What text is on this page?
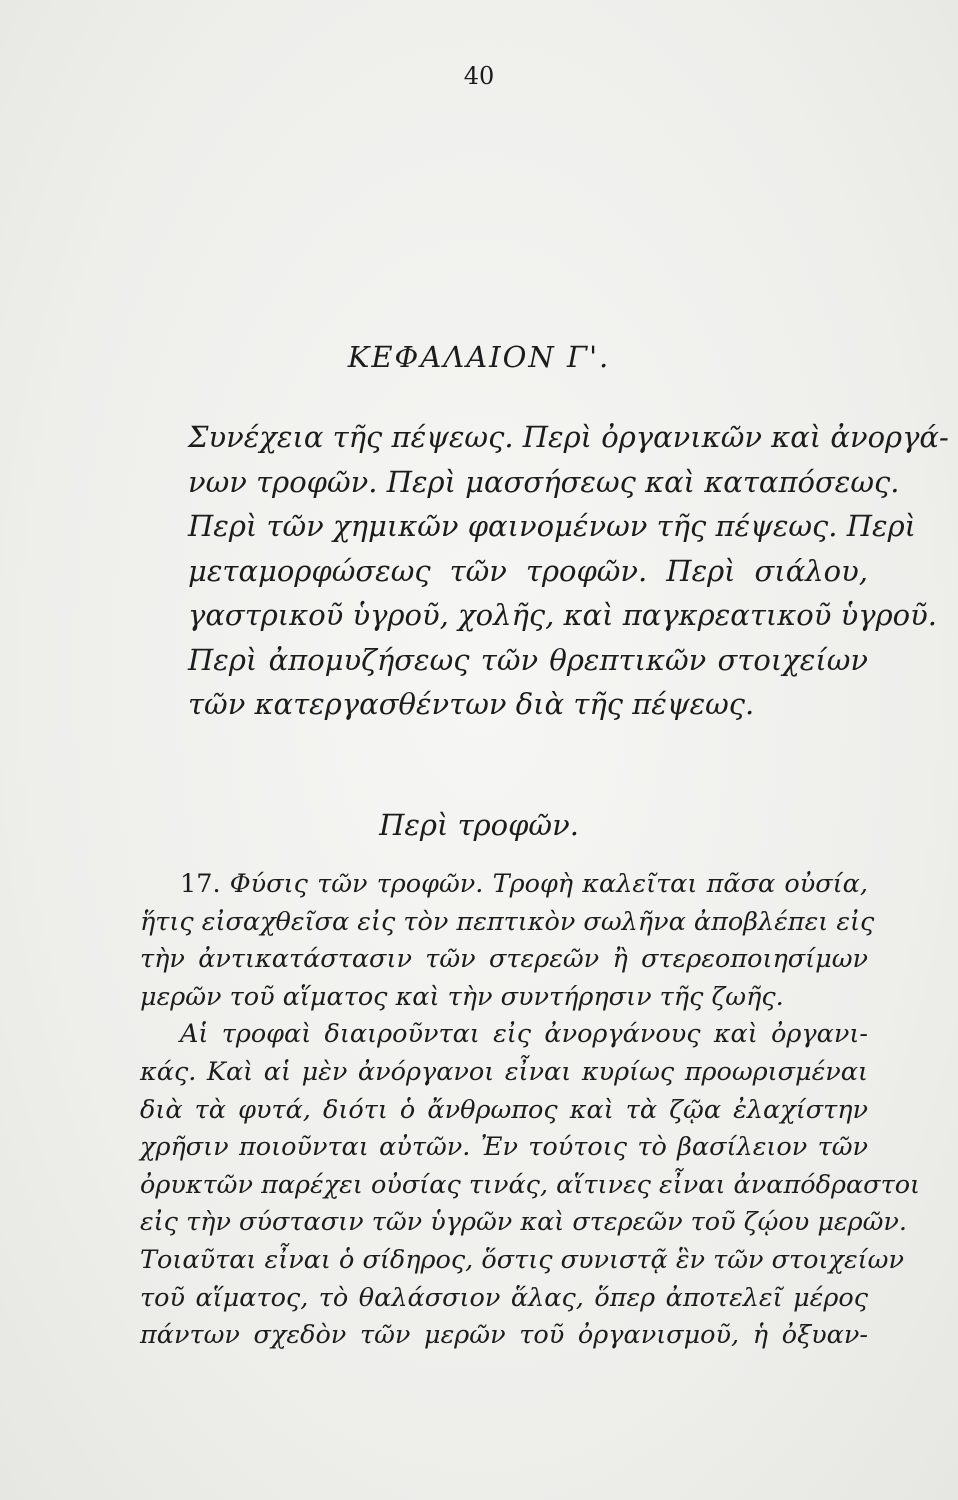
40
ΚΕΦΑΛΑΙΟΝ Γ'.
Συνέχεια τῆς πέψεως. Περὶ ὀργανικῶν καὶ ἀνοργά-
νων τροφῶν. Περὶ μασσήσεως καὶ καταπόσεως.
Περὶ τῶν χημικῶν φαινομένων τῆς πέψεως. Περὶ
μεταμορφώσεως τῶν τροφῶν. Περὶ σιάλου,
γαστρικοῦ ὑγροῦ, χολῆς, καὶ παγκρεατικοῦ ὑγροῦ.
Περὶ ἀπομυζήσεως τῶν θρεπτικῶν στοιχείων
τῶν κατεργασθέντων διὰ τῆς πέψεως.
Περὶ τροφῶν.
17. Φύσις τῶν τροφῶν. Τροφὴ καλεῖται πᾶσα οὐσία,
ἥτις εἰσαχθεῖσα εἰς τὸν πεπτικὸν σωλῆνα ἀποβλέπει εἰς
τὴν ἀντικατάστασιν τῶν στερεῶν ἢ στερεοποιησίμων
μερῶν τοῦ αἵματος καὶ τὴν συντήρησιν τῆς ζωῆς.
Αἱ τροφαὶ διαιροῦνται εἰς ἀνοργάνους καὶ ὀργανι-
κάς. Καὶ αἱ μὲν ἀνόργανοι εἶναι κυρίως προωρισμέναι
διὰ τὰ φυτά, διότι ὁ ἄνθρωπος καὶ τὰ ζῷα ἐλαχίστην
χρῆσιν ποιοῦνται αὐτῶν. Ἐν τούτοις τὸ βασίλειον τῶν
ὀρυκτῶν παρέχει οὐσίας τινάς, αἵτινες εἶναι ἀναπόδραστοι
εἰς τὴν σύστασιν τῶν ὑγρῶν καὶ στερεῶν τοῦ ζῴου μερῶν.
Τοιαῦται εἶναι ὁ σίδηρος, ὅστις συνιστᾷ ἓν τῶν στοιχείων
τοῦ αἵματος, τὸ θαλάσσιον ἅλας, ὅπερ ἀποτελεῖ μέρος
πάντων σχεδὸν τῶν μερῶν τοῦ ὀργανισμοῦ, ἡ ὀξυαν-
